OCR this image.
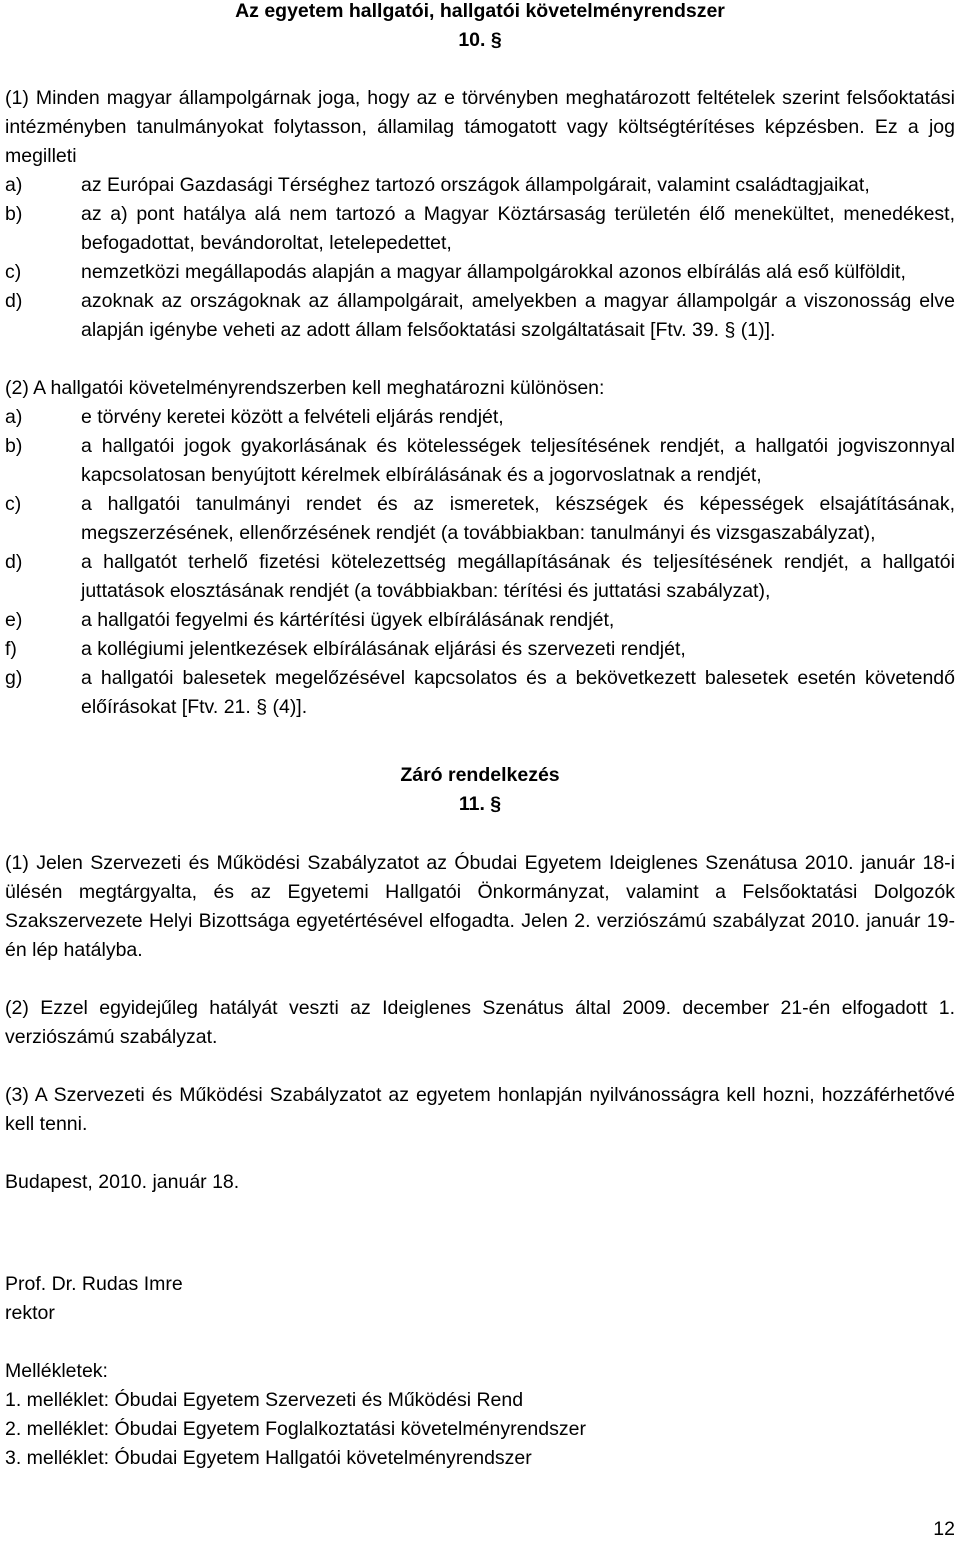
Az egyetem hallgatói, hallgatói követelményrendszer
10. §

(1) Minden magyar állampolgárnak joga, hogy az e törvényben meghatározott feltételek szerint felsőoktatási intézményben tanulmányokat folytasson, államilag támogatott vagy költségtérítéses képzésben. Ez a jog megilleti

a)	az Európai Gazdasági Térséghez tartozó országok állampolgárait, valamint családtagjaikat,

b)	az a) pont hatálya alá nem tartozó a Magyar Köztársaság területén élő menekültet, menedékest, befogadottat, bevándoroltat, letelepedettet,

c)	nemzetközi megállapodás alapján a magyar állampolgárokkal azonos elbírálás alá eső külföldit,

d)	azoknak az országoknak az állampolgárait, amelyekben a magyar állampolgár a viszonosság elve alapján igénybe veheti az adott állam felsőoktatási szolgáltatásait [Ftv. 39. § (1)].

(2) A hallgatói követelményrendszerben kell meghatározni különösen:

a)	e törvény keretei között a felvételi eljárás rendjét,

b)	a hallgatói jogok gyakorlásának és kötelességek teljesítésének rendjét, a hallgatói jogviszonnyal kapcsolatosan benyújtott kérelmek elbírálásának és a jogorvoslatnak a rendjét,

c)	a hallgatói tanulmányi rendet és az ismeretek, készségek és képességek elsajátításának, megszerzésének, ellenőrzésének rendjét (a továbbiakban: tanulmányi és vizsgaszabályzat),

d)	a hallgatót terhelő fizetési kötelezettség megállapításának és teljesítésének rendjét, a hallgatói juttatások elosztásának rendjét (a továbbiakban: térítési és juttatási szabályzat),

e)	a hallgatói fegyelmi és kártérítési ügyek elbírálásának rendjét,

f)	a kollégiumi jelentkezések elbírálásának eljárási és szervezeti rendjét,

g)	a hallgatói balesetek megelőzésével kapcsolatos és a bekövetkezett balesetek esetén követendő előírásokat [Ftv. 21. § (4)].

Záró rendelkezés

11. §

(1) Jelen Szervezeti és Működési Szabályzatot az Óbudai Egyetem Ideiglenes Szenátusa 2010. január 18-i ülésén megtárgyalta, és az Egyetemi Hallgatói Önkormányzat, valamint a Felsőoktatási Dolgozók Szakszervezete Helyi Bizottsága egyetértésével elfogadta. Jelen 2. verziószámú szabályzat 2010. január 19-én lép hatályba.

(2) Ezzel egyidejűleg hatályát veszti az Ideiglenes Szenátus által 2009. december 21-én elfogadott 1. verziószámú szabályzat.

(3) A Szervezeti és Működési Szabályzatot az egyetem honlapján nyilvánosságra kell hozni, hozzáférhetővé kell tenni.

Budapest, 2010. január 18.

Prof. Dr. Rudas Imre

rektor

Mellékletek:

1. melléklet: Óbudai Egyetem Szervezeti és Működési Rend

2. melléklet: Óbudai Egyetem Foglalkoztatási követelményrendszer

3. melléklet: Óbudai Egyetem Hallgatói követelményrendszer

12
